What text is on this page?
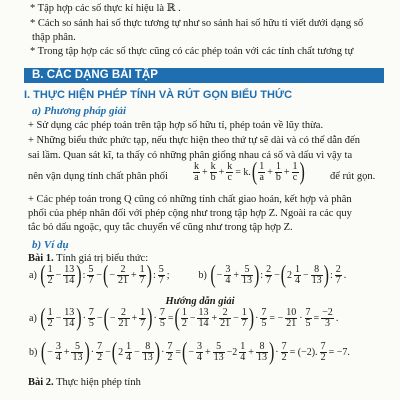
* Tập hợp các số thực kí hiệu là ℝ .
* Cách so sánh hai số thực tương tự như so sánh hai số hữu tỉ viết dưới dạng số
thập phân.
* Trong tập hợp các số thực cũng có các phép toán với các tính chất tương tự
B. CÁC DẠNG BÀI TẬP
I. THỰC HIỆN PHÉP TÍNH VÀ RÚT GỌN BIỂU THỨC
a) Phương pháp giải
+ Sử dụng các phép toán trên tập hợp số hữu tỉ, phép toán về lũy thừa.
+ Những biểu thức phức tạp, nếu thực hiện theo thứ tự sẽ dài và có thể dẫn đến
sai lầm. Quan sát kĩ, ta thấy có những phân giống nhau cả số và dấu vì vậy ta
nên vận dụng tính chất phân phối	$\frac{k}{a} + \frac{k}{b} + \frac{k}{c} = k.( \frac{1}{a} + \frac{1}{b} + \frac{1}{c}$ ) để rút gọn.
+ Các phép toán trong Q cũng có những tính chất giao hoán, kết hợp và phân
phối của phép nhân đối với phép cộng như trong tập hợp Z. Ngoài ra các quy
tắc bỏ dấu ngoặc, quy tắc chuyển vế cũng như trong tập hợp Z.
b) Ví dụ
Bài 1. Tính giá trị biểu thức:
a) ( $\frac{1}{2} - \frac{13}{14}$ ): $\frac{5}{7}$ −(− $\frac{2}{21} + \frac{1}{7}$ ): $\frac{5}{7}$ ;	b) (− $\frac{3}{4} + \frac{5}{13}$ ): $\frac{2}{7} -(2 \frac{1}{4} - \frac{8}{13}$ ): $\frac{2}{7}$ .
Hướng dẫn giải
a) ( $\frac{1}{2} - \frac{13}{14}$ )· $\frac{7}{5}$ −(− $\frac{2}{21} + \frac{1}{7}$ )· $\frac{7}{5}$ =( $\frac{1}{2} - \frac{13}{14} + \frac{2}{21} - \frac{1}{7}$ )· $\frac{7}{5}$ = − $\frac{10}{21} \cdot \frac{7}{5} = \frac{-2}{3}$ .
b) (− $\frac{3}{4} + \frac{5}{13}$ )· $\frac{7}{2} -(2 \frac{1}{4} - \frac{8}{13}$ )· $\frac{7}{2}$ =(− $\frac{3}{4} + \frac{5}{13} -2 \frac{1}{4} + \frac{8}{13}$ )· $\frac{7}{2} = (-2)$. $\frac{7}{2} = -7$.
Bài 2. Thực hiện phép tính
